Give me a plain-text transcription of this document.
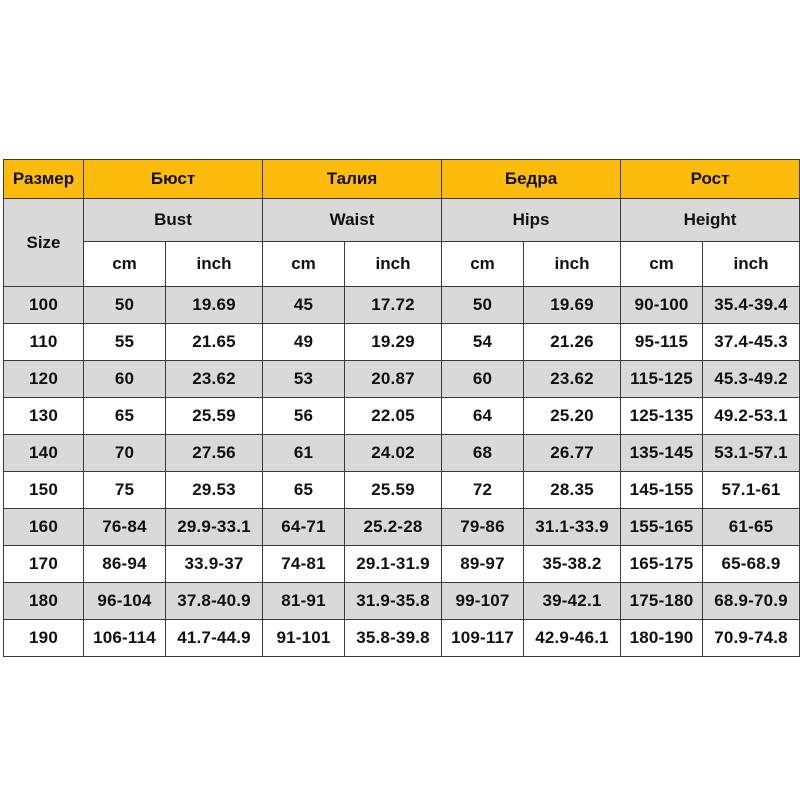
Размер	Бюст		Талия		Бедра		Рост	
Size	Bust		Waist		Hips		Height	
	cm	inch	cm	inch	cm	inch	cm	inch
100	50	19.69	45	17.72	50	19.69	90-100	35.4-39.4
110	55	21.65	49	19.29	54	21.26	95-115	37.4-45.3
120	60	23.62	53	20.87	60	23.62	115-125	45.3-49.2
130	65	25.59	56	22.05	64	25.20	125-135	49.2-53.1
140	70	27.56	61	24.02	68	26.77	135-145	53.1-57.1
150	75	29.53	65	25.59	72	28.35	145-155	57.1-61
160	76-84	29.9-33.1	64-71	25.2-28	79-86	31.1-33.9	155-165	61-65
170	86-94	33.9-37	74-81	29.1-31.9	89-97	35-38.2	165-175	65-68.9
180	96-104	37.8-40.9	81-91	31.9-35.8	99-107	39-42.1	175-180	68.9-70.9
190	106-114	41.7-44.9	91-101	35.8-39.8	109-117	42.9-46.1	180-190	70.9-74.8
